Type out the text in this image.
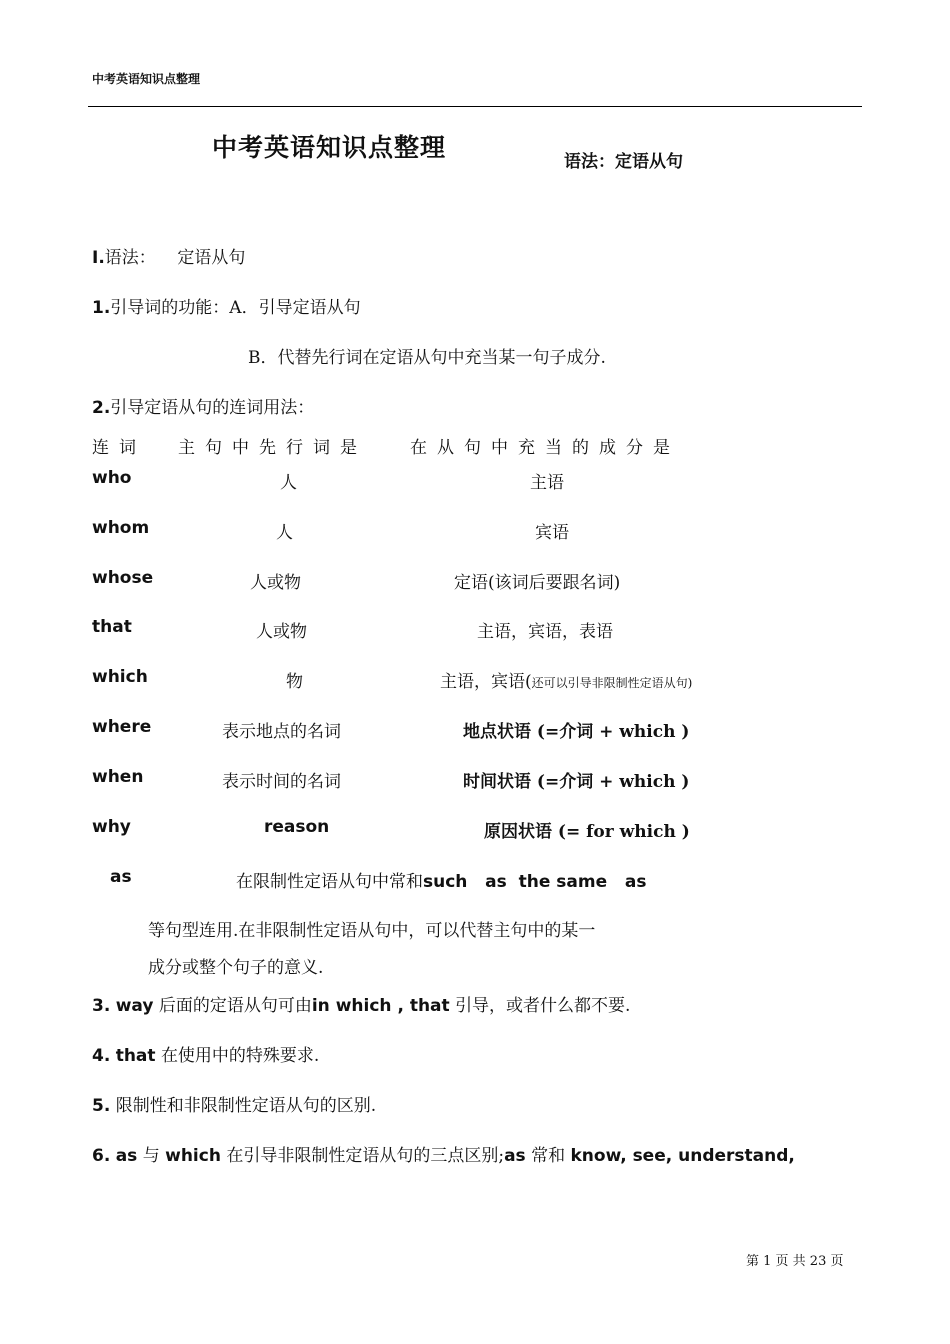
中考英语知识点整理
中考英语知识点整理	语法：定语从句
I.语法：    定语从句
1.引导词的功能：A．引导定语从句
B．代替先行词在定语从句中充当某一句子成分.
2.引导定语从句的连词用法：
连词 主句中先行词是	在从句中充当的成分是
who	人	主语
whom	人	宾语
whose	人或物	定语(该词后要跟名词)
that	人或物	主语，宾语，表语
which	物	主语，宾语(还可以引导非限制性定语从句)
where	表示地点的名词	地点状语 (=介词 + which )
when	表示时间的名词	时间状语 (=介词 + which )
why	reason	原因状语 (= for which )
as	在限制性定语从句中常和such   as  the same   as
等句型连用.在非限制性定语从句中，可以代替主句中的某一
成分或整个句子的意义.
3. way 后面的定语从句可由in which , that 引导，或者什么都不要.
4. that 在使用中的特殊要求.
5. 限制性和非限制性定语从句的区别.
6. as 与 which 在引导非限制性定语从句的三点区别;as 常和 know, see, understand,
第 1 页 共 23 页
